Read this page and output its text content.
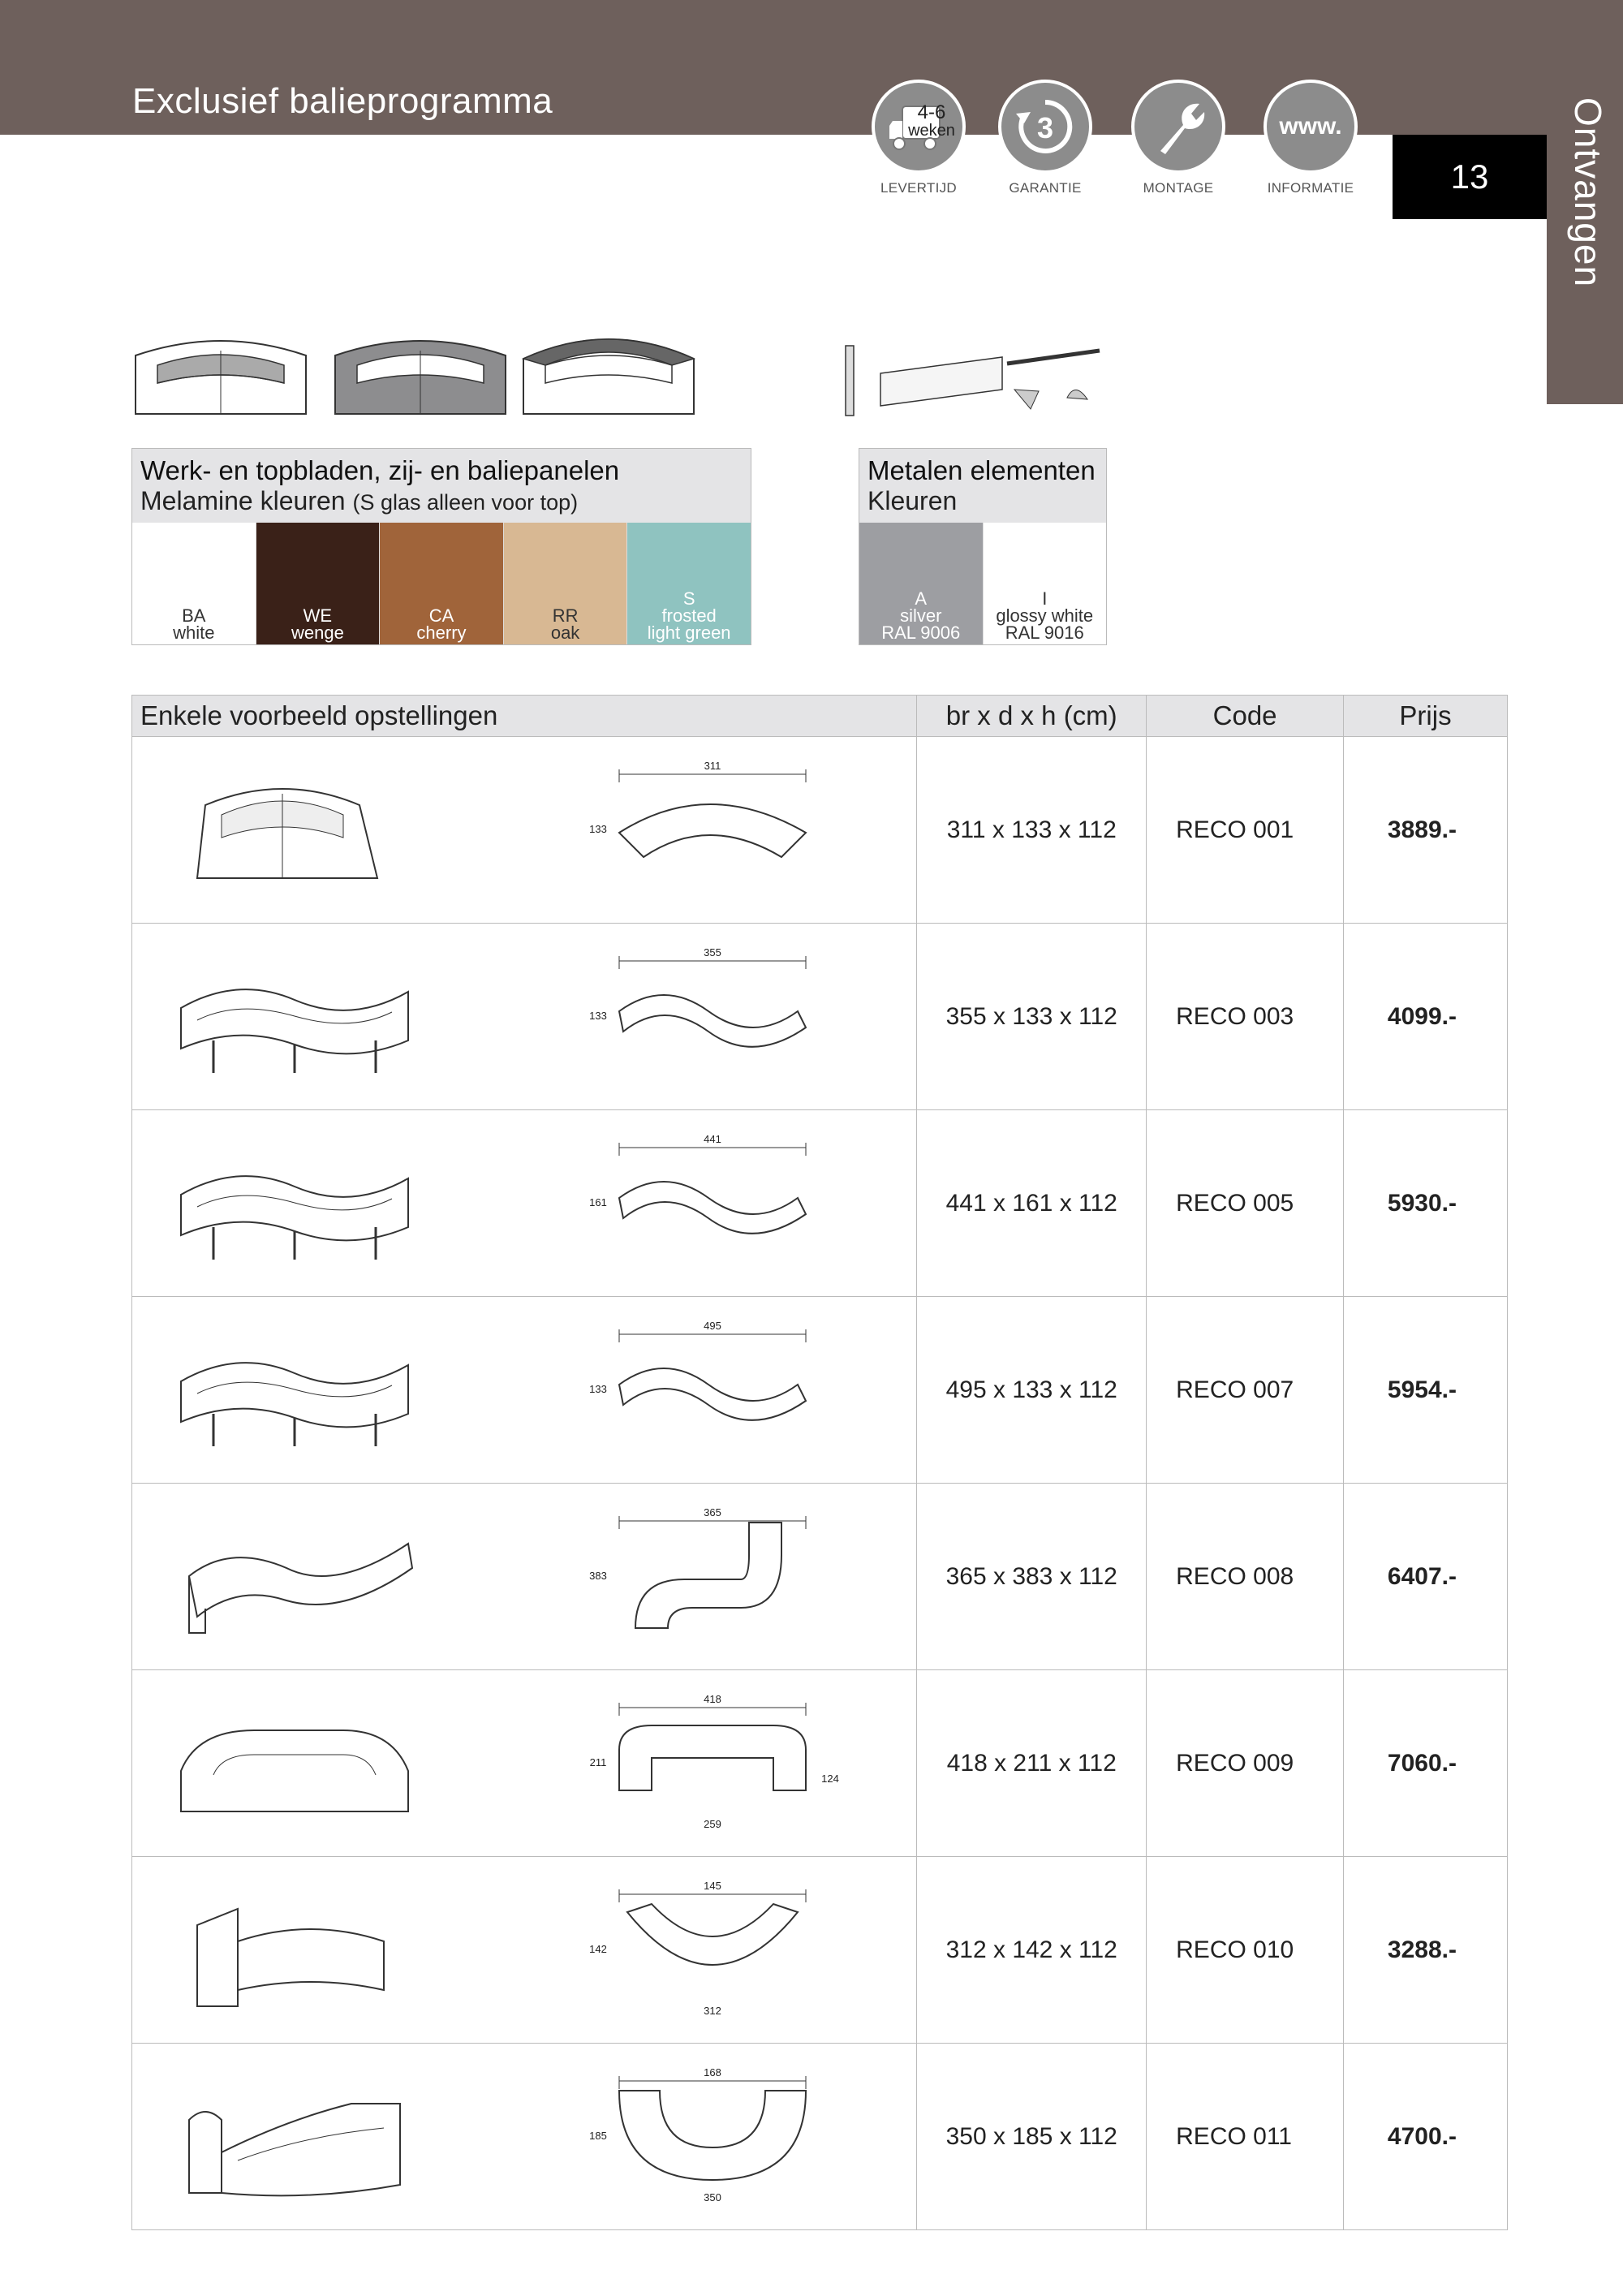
Exclusief balieprogramma	4-6
weken
LEVERTIJD
3
GARANTIE	MONTAGE
www.
INFORMATIE	13	Ontvangen
Werk- en topbladen, zij- en baliepanelen
Melamine kleuren (S glas alleen voor top)
BA
white
WE
wenge
CA
cherry
RR
oak
S
frosted
light green
Metalen elementen
Kleuren
A
silver
RAL 9006
I
glossy white
RAL 9016
Enkele voorbeeld opstellingen	br x d x h (cm)	Code	Prijs

311
133	311 x 133 x 112	RECO 001	3889.-

355
133	355 x 133 x 112	RECO 003	4099.-

441
161	441 x 161 x 112	RECO 005	5930.-

495
133	495 x 133 x 112	RECO 007	5954.-

365
383	365 x 383 x 112	RECO 008	6407.-

418
211
259
124	418 x 211 x 112	RECO 009	7060.-

145
142
312	312 x 142 x 112	RECO 010	3288.-

168
185
350	350 x 185 x 112	RECO 011	4700.-
